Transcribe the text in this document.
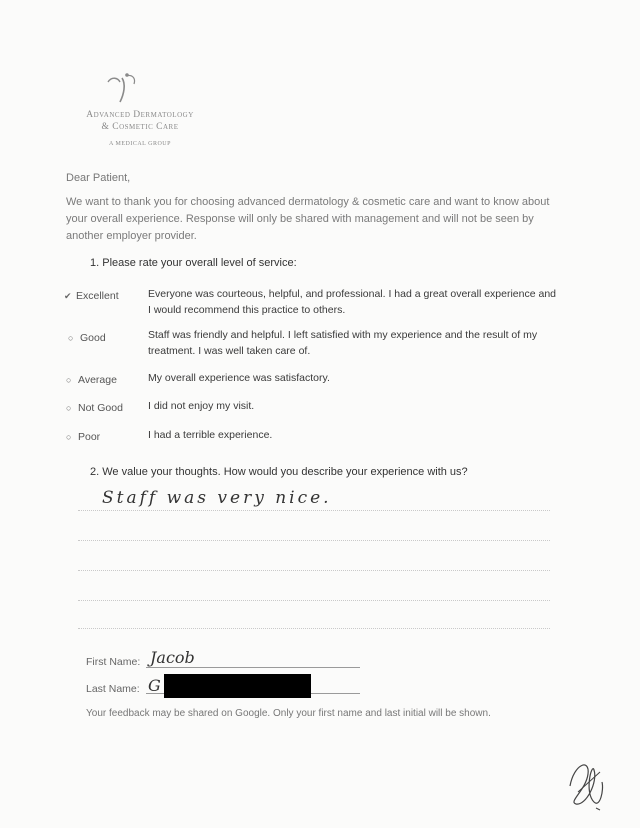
Advanced Dermatology
& Cosmetic Care
A MEDICAL GROUP
Dear Patient,
We want to thank you for choosing advanced dermatology & cosmetic care and want to know about your overall experience. Response will only be shared with management and will not be seen by another employer provider.
1. Please rate your overall level of service:
✔ Excellent	Everyone was courteous, helpful, and professional. I had a great overall experience and I would recommend this practice to others.
○ Good	Staff was friendly and helpful. I left satisfied with my experience and the result of my treatment. I was well taken care of.
○ Average	My overall experience was satisfactory.
○ Not Good I did not enjoy my visit.
○ Poor	I had a terrible experience.
2. We value your thoughts. How would you describe your experience with us?
Staff was very nice.
First Name: Jacob
Last Name: G
Your feedback may be shared on Google. Only your first name and last initial will be shown.
